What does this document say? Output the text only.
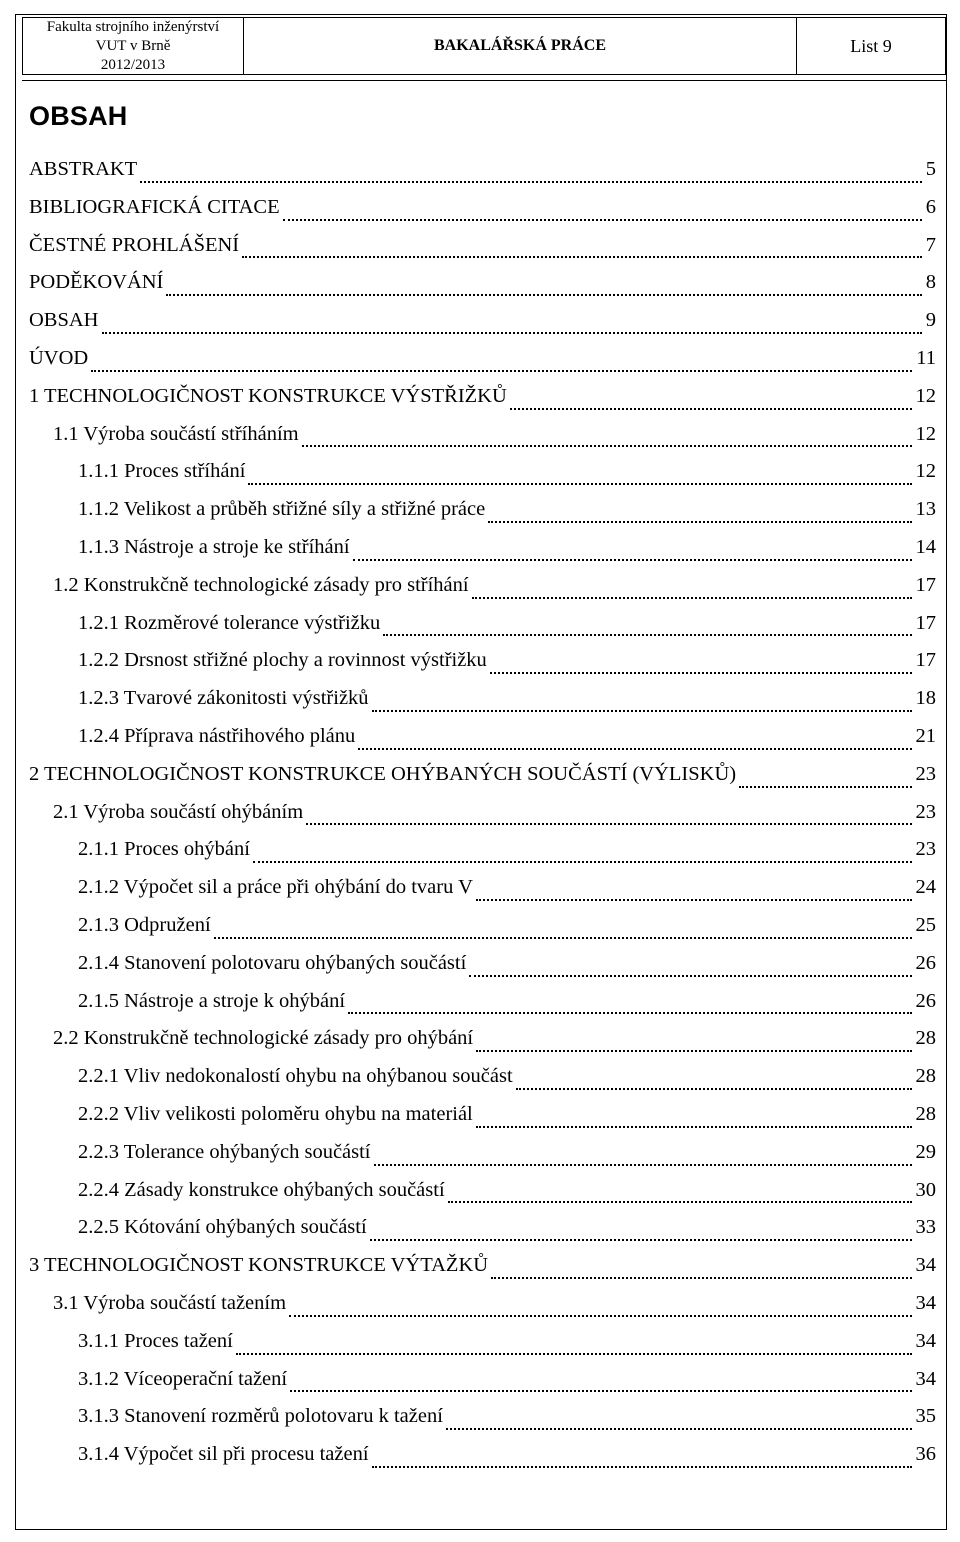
Fakulta strojního inženýrství
VUT v Brně
2012/2013
BAKALÁŘSKÁ PRÁCE	List 9
OBSAH
ABSTRAKT	5
BIBLIOGRAFICKÁ CITACE	6
ČESTNÉ PROHLÁŠENÍ	7
PODĚKOVÁNÍ	8
OBSAH	9
ÚVOD	11
1 TECHNOLOGIČNOST KONSTRUKCE VÝSTŘIŽKŮ	12
1.1 Výroba součástí stříháním	12
1.1.1 Proces stříhání	12
1.1.2 Velikost a průběh střižné síly a střižné práce	13
1.1.3 Nástroje a stroje ke stříhání	14
1.2 Konstrukčně technologické zásady pro stříhání	17
1.2.1 Rozměrové tolerance výstřižku	17
1.2.2 Drsnost střižné plochy a rovinnost výstřižku	17
1.2.3 Tvarové zákonitosti výstřižků	18
1.2.4 Příprava nástřihového plánu	21
2 TECHNOLOGIČNOST KONSTRUKCE OHÝBANÝCH SOUČÁSTÍ (VÝLISKŮ)	23
2.1 Výroba součástí ohýbáním	23
2.1.1 Proces ohýbání	23
2.1.2 Výpočet sil a práce při ohýbání do tvaru V	24
2.1.3 Odpružení	25
2.1.4 Stanovení polotovaru ohýbaných součástí	26
2.1.5 Nástroje a stroje k ohýbání	26
2.2 Konstrukčně technologické zásady pro ohýbání	28
2.2.1 Vliv nedokonalostí ohybu na ohýbanou součást	28
2.2.2 Vliv velikosti poloměru ohybu na materiál	28
2.2.3 Tolerance ohýbaných součástí	29
2.2.4 Zásady konstrukce ohýbaných součástí	30
2.2.5 Kótování ohýbaných součástí	33
3 TECHNOLOGIČNOST KONSTRUKCE VÝTAŽKŮ	34
3.1 Výroba součástí tažením	34
3.1.1 Proces tažení	34
3.1.2 Víceoperační tažení	34
3.1.3 Stanovení rozměrů polotovaru k tažení	35
3.1.4 Výpočet sil při procesu tažení	36
